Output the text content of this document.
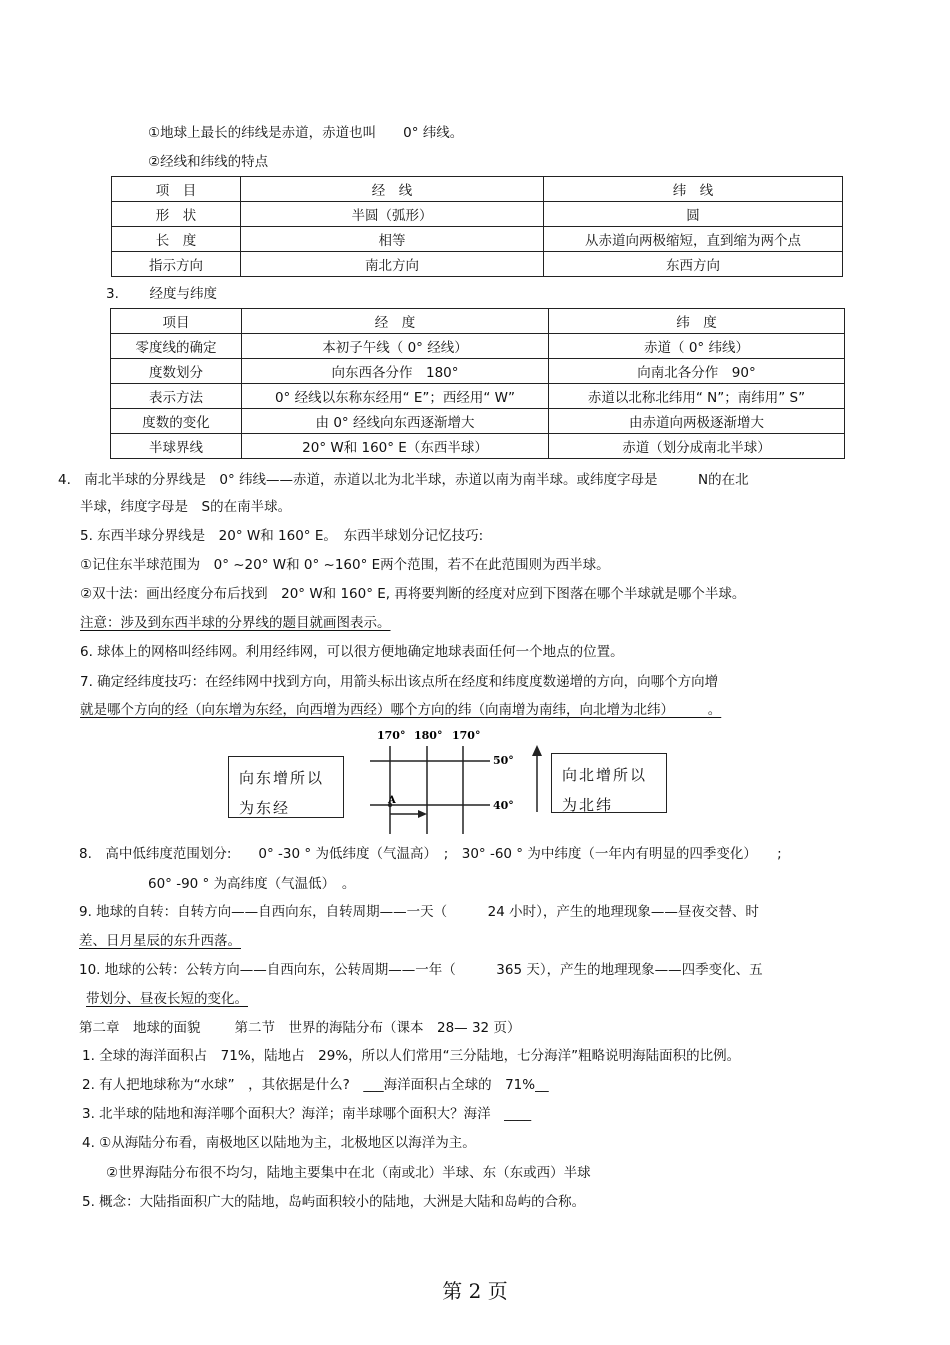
①地球上最长的纬线是赤道，赤道也叫　　0° 纬线。
②经线和纬线的特点
项　目	经　线	纬　线
形　状	半圆（弧形）	圆
长　度	相等	从赤道向两极缩短，直到缩为两个点
指示方向	南北方向	东西方向
3. 经度与纬度
项目	经　度	纬　度
零度线的确定	本初子午线（ 0° 经线）	赤道（ 0° 纬线）
度数划分	向东西各分作　180°	向南北各分作　90°
表示方法	0° 经线以东称东经用“ E”；西经用“ W”	赤道以北称北纬用“ N”；南纬用” S”
度数的变化	由 0° 经线向东西逐渐增大	由赤道向两极逐渐增大
半球界线	20° W和 160° E（东西半球）	赤道（划分成南北半球）
4.　南北半球的分界线是　0° 纬线——赤道，赤道以北为北半球，赤道以南为南半球。或纬度字母是　　　N的在北
半球，纬度字母是　S的在南半球。
5. 东西半球分界线是　20° W和 160° E。　东西半球划分记忆技巧:
①记住东半球范围为　0° ~20° W和 0° ~160° E两个范围，若不在此范围则为西半球。
②双十法：画出经度分布后找到　20° W和 160° E, 再将要判断的经度对应到下图落在哪个半球就是哪个半球。
注意：涉及到东西半球的分界线的题目就画图表示。
6. 球体上的网格叫经纬网。利用经纬网，可以很方便地确定地球表面任何一个地点的位置。
7. 确定经纬度技巧：在经纬网中找到方向，用箭头标出该点所在经度和纬度度数递增的方向，向哪个方向增
就是哪个方向的经（向东增为东经，向西增为西经）哪个方向的纬（向南增为南纬，向北增为北纬）　　　。
向东增所以为东经
向北增所以为北纬
170° 180° 170°
50°
40°
A
8.　高中低纬度范围划分:　　0° -30 ° 为低纬度（气温高）　;　30° -60 ° 为中纬度（一年内有明显的四季变化）　　;
60° -90 ° 为高纬度（气温低）　。
9. 地球的自转：自转方向——自西向东，自转周期——一天（　　　24 小时），产生的地理现象——昼夜交替、时
差、日月星辰的东升西落。
10. 地球的公转：公转方向——自西向东，公转周期——一年（　　　365 天），产生的地理现象——四季变化、五
带划分、昼夜长短的变化。
第二章　地球的面貌	第二节　世界的海陆分布（课本　28— 32 页）
1. 全球的海洋面积占　71%，陆地占　29%，所以人们常用“三分陆地，七分海洋”粗略说明海陆面积的比例。
2. 有人把地球称为“水球”　，其依据是什么?　___海洋面积占全球的　71%__
3. 北半球的陆地和海洋哪个面积大？海洋；南半球哪个面积大？海洋　____
4. ①从海陆分布看，南极地区以陆地为主，北极地区以海洋为主。
②世界海陆分布很不均匀，陆地主要集中在北（南或北）半球、东（东或西）半球
5. 概念：大陆指面积广大的陆地，岛屿面积较小的陆地，大洲是大陆和岛屿的合称。
第 2 页
